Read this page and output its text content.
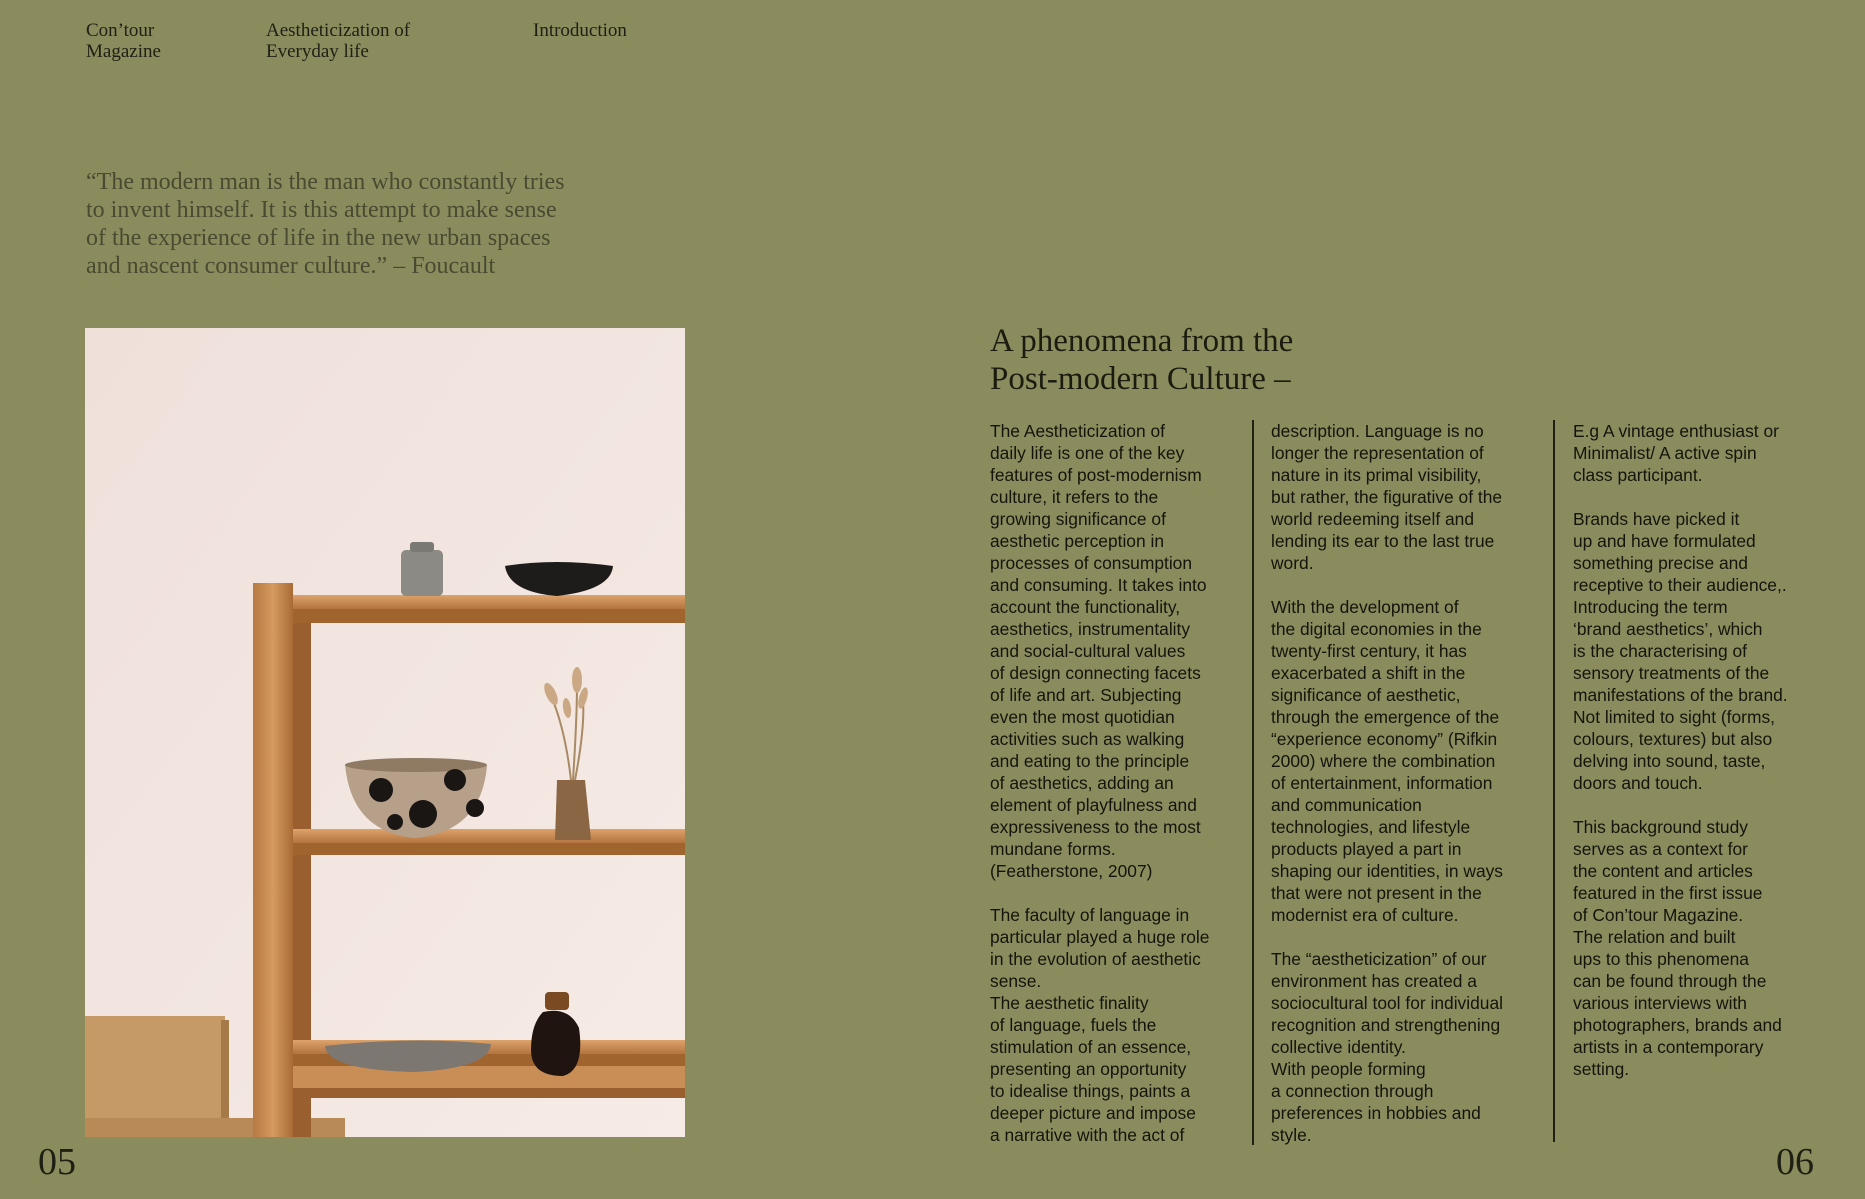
Con’tour
Magazine
Aestheticization of
Everyday life
Introduction
“The modern man is the man who constantly tries
to invent himself. It is this attempt to make sense
of the experience of life in the new urban spaces
and nascent consumer culture.” – Foucault
05	06
A phenomena from the
Post-modern Culture –
The Aestheticization of
daily life is one of the key
features of post-modernism
culture, it refers to the
growing significance of
aesthetic perception in
processes of consumption
and consuming. It takes into
account the functionality,
aesthetics, instrumentality
and social-cultural values
of design connecting facets
of life and art. Subjecting
even the most quotidian
activities such as walking
and eating to the principle
of aesthetics, adding an
element of playfulness and
expressiveness to the most
mundane forms.
(Featherstone, 2007)
The faculty of language in
particular played a huge role
in the evolution of aesthetic
sense.
The aesthetic finality
of language, fuels the
stimulation of an essence,
presenting an opportunity
to idealise things, paints a
deeper picture and impose
a narrative with the act of
description. Language is no
longer the representation of
nature in its primal visibility,
but rather, the figurative of the
world redeeming itself and
lending its ear to the last true
word.
With the development of
the digital economies in the
twenty-first century, it has
exacerbated a shift in the
significance of aesthetic,
through the emergence of the
“experience economy” (Rifkin
2000) where the combination
of entertainment, information
and communication
technologies, and lifestyle
products played a part in
shaping our identities, in ways
that were not present in the
modernist era of culture.
The “aestheticization” of our
environment has created a
sociocultural tool for individual
recognition and strengthening
collective identity.
With people forming
a connection through
preferences in hobbies and
style.
E.g A vintage enthusiast or
Minimalist/ A active spin
class participant.
Brands have picked it
up and have formulated
something precise and
receptive to their audience,.
Introducing the term
‘brand aesthetics’, which
is the characterising of
sensory treatments of the
manifestations of the brand.
Not limited to sight (forms,
colours, textures) but also
delving into sound, taste,
doors and touch.
This background study
serves as a context for
the content and articles
featured in the first issue
of Con’tour Magazine.
The relation and built
ups to this phenomena
can be found through the
various interviews with
photographers, brands and
artists in a contemporary
setting.
